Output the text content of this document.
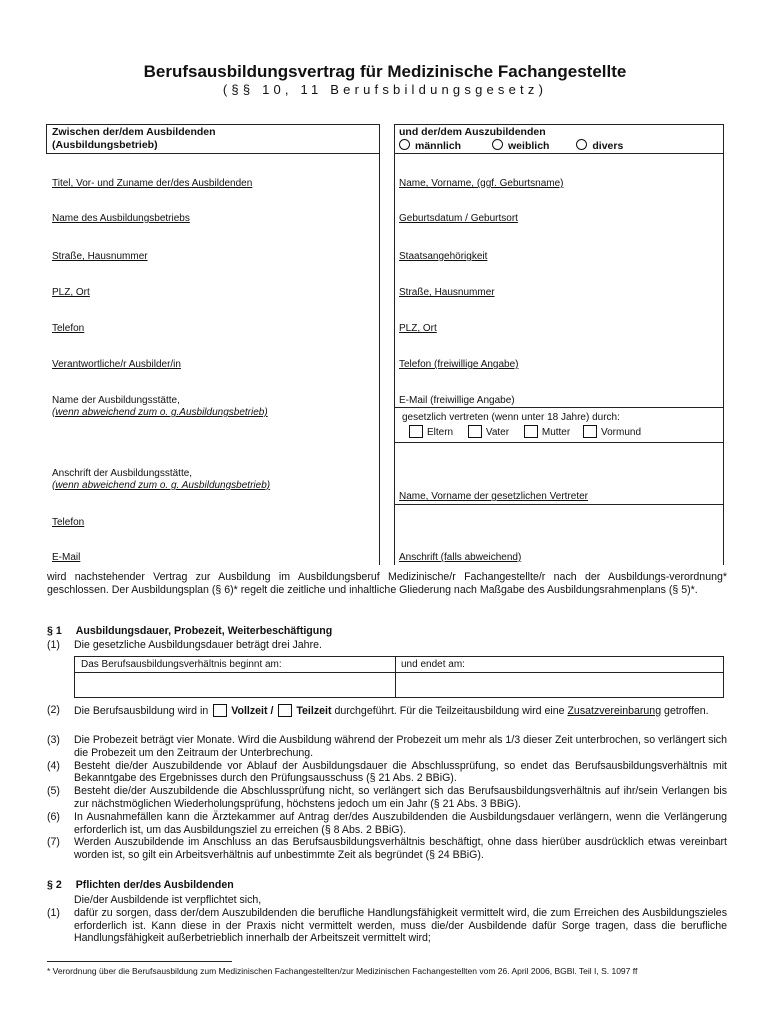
Berufsausbildungsvertrag für Medizinische Fachangestellte
(§§ 10, 11 Berufsbildungsgesetz)
Zwischen der/dem Ausbildenden
(Ausbildungsbetrieb)
und der/dem Auszubildenden
männlich	weiblich	divers
Titel, Vor- und Zuname der/des Ausbildenden
Name des Ausbildungsbetriebs
Straße, Hausnummer
PLZ, Ort
Telefon
Verantwortliche/r Ausbilder/in
Name der Ausbildungsstätte,
(wenn abweichend zum o. g.Ausbildungsbetrieb)
Anschrift der Ausbildungsstätte,
(wenn abweichend zum o. g. Ausbildungsbetrieb)
Telefon
E-Mail
Name, Vorname, (ggf. Geburtsname)
Geburtsdatum / Geburtsort
Staatsangehörigkeit
Straße, Hausnummer
PLZ, Ort
Telefon (freiwillige Angabe)
E-Mail (freiwillige Angabe)
gesetzlich vertreten (wenn unter 18 Jahre) durch:
Eltern	Vater	Mutter	Vormund
Name, Vorname der gesetzlichen Vertreter
Anschrift (falls abweichend)
wird nachstehender Vertrag zur Ausbildung im Ausbildungsberuf Medizinische/r Fachangestellte/r nach der Ausbildungs-verordnung* geschlossen. Der Ausbildungsplan (§ 6)* regelt die zeitliche und inhaltliche Gliederung nach Maßgabe des Ausbildungsrahmenplans (§ 5)*.
§ 1 Ausbildungsdauer, Probezeit, Weiterbeschäftigung
(1)	Die gesetzliche Ausbildungsdauer beträgt drei Jahre.
Das Berufsausbildungsverhältnis beginnt am:	und endet am:
(2)	Die Berufsausbildung wird in Vollzeit / Teilzeit durchgeführt. Für die Teilzeitausbildung wird eine Zusatzvereinbarung getroffen.
(3)	Die Probezeit beträgt vier Monate. Wird die Ausbildung während der Probezeit um mehr als 1/3 dieser Zeit unterbrochen, so verlängert sich die Probezeit um den Zeitraum der Unterbrechung.
(4)	Besteht die/der Auszubildende vor Ablauf der Ausbildungsdauer die Abschlussprüfung, so endet das Berufsausbildungsverhältnis mit Bekanntgabe des Ergebnisses durch den Prüfungsausschuss (§ 21 Abs. 2 BBiG).
(5)	Besteht die/der Auszubildende die Abschlussprüfung nicht, so verlängert sich das Berufsausbildungsverhältnis auf ihr/sein Verlangen bis zur nächstmöglichen Wiederholungsprüfung, höchstens jedoch um ein Jahr (§ 21 Abs. 3 BBiG).
(6)	In Ausnahmefällen kann die Ärztekammer auf Antrag der/des Auszubildenden die Ausbildungsdauer verlängern, wenn die Verlängerung erforderlich ist, um das Ausbildungsziel zu erreichen (§ 8 Abs. 2 BBiG).
(7)	Werden Auszubildende im Anschluss an das Berufsausbildungsverhältnis beschäftigt, ohne dass hierüber ausdrücklich etwas vereinbart worden ist, so gilt ein Arbeitsverhältnis auf unbestimmte Zeit als begründet (§ 24 BBiG).
§ 2 Pflichten der/des Ausbildenden
Die/der Ausbildende ist verpflichtet sich,
(1)	dafür zu sorgen, dass der/dem Auszubildenden die berufliche Handlungsfähigkeit vermittelt wird, die zum Erreichen des Ausbildungszieles erforderlich ist. Kann diese in der Praxis nicht vermittelt werden, muss die/der Ausbildende dafür Sorge tragen, dass die berufliche Handlungsfähigkeit außerbetrieblich innerhalb der Arbeitszeit vermittelt wird;
* Verordnung über die Berufsausbildung zum Medizinischen Fachangestellten/zur Medizinischen Fachangestellten vom 26. April 2006, BGBl. Teil I, S. 1097 ff
